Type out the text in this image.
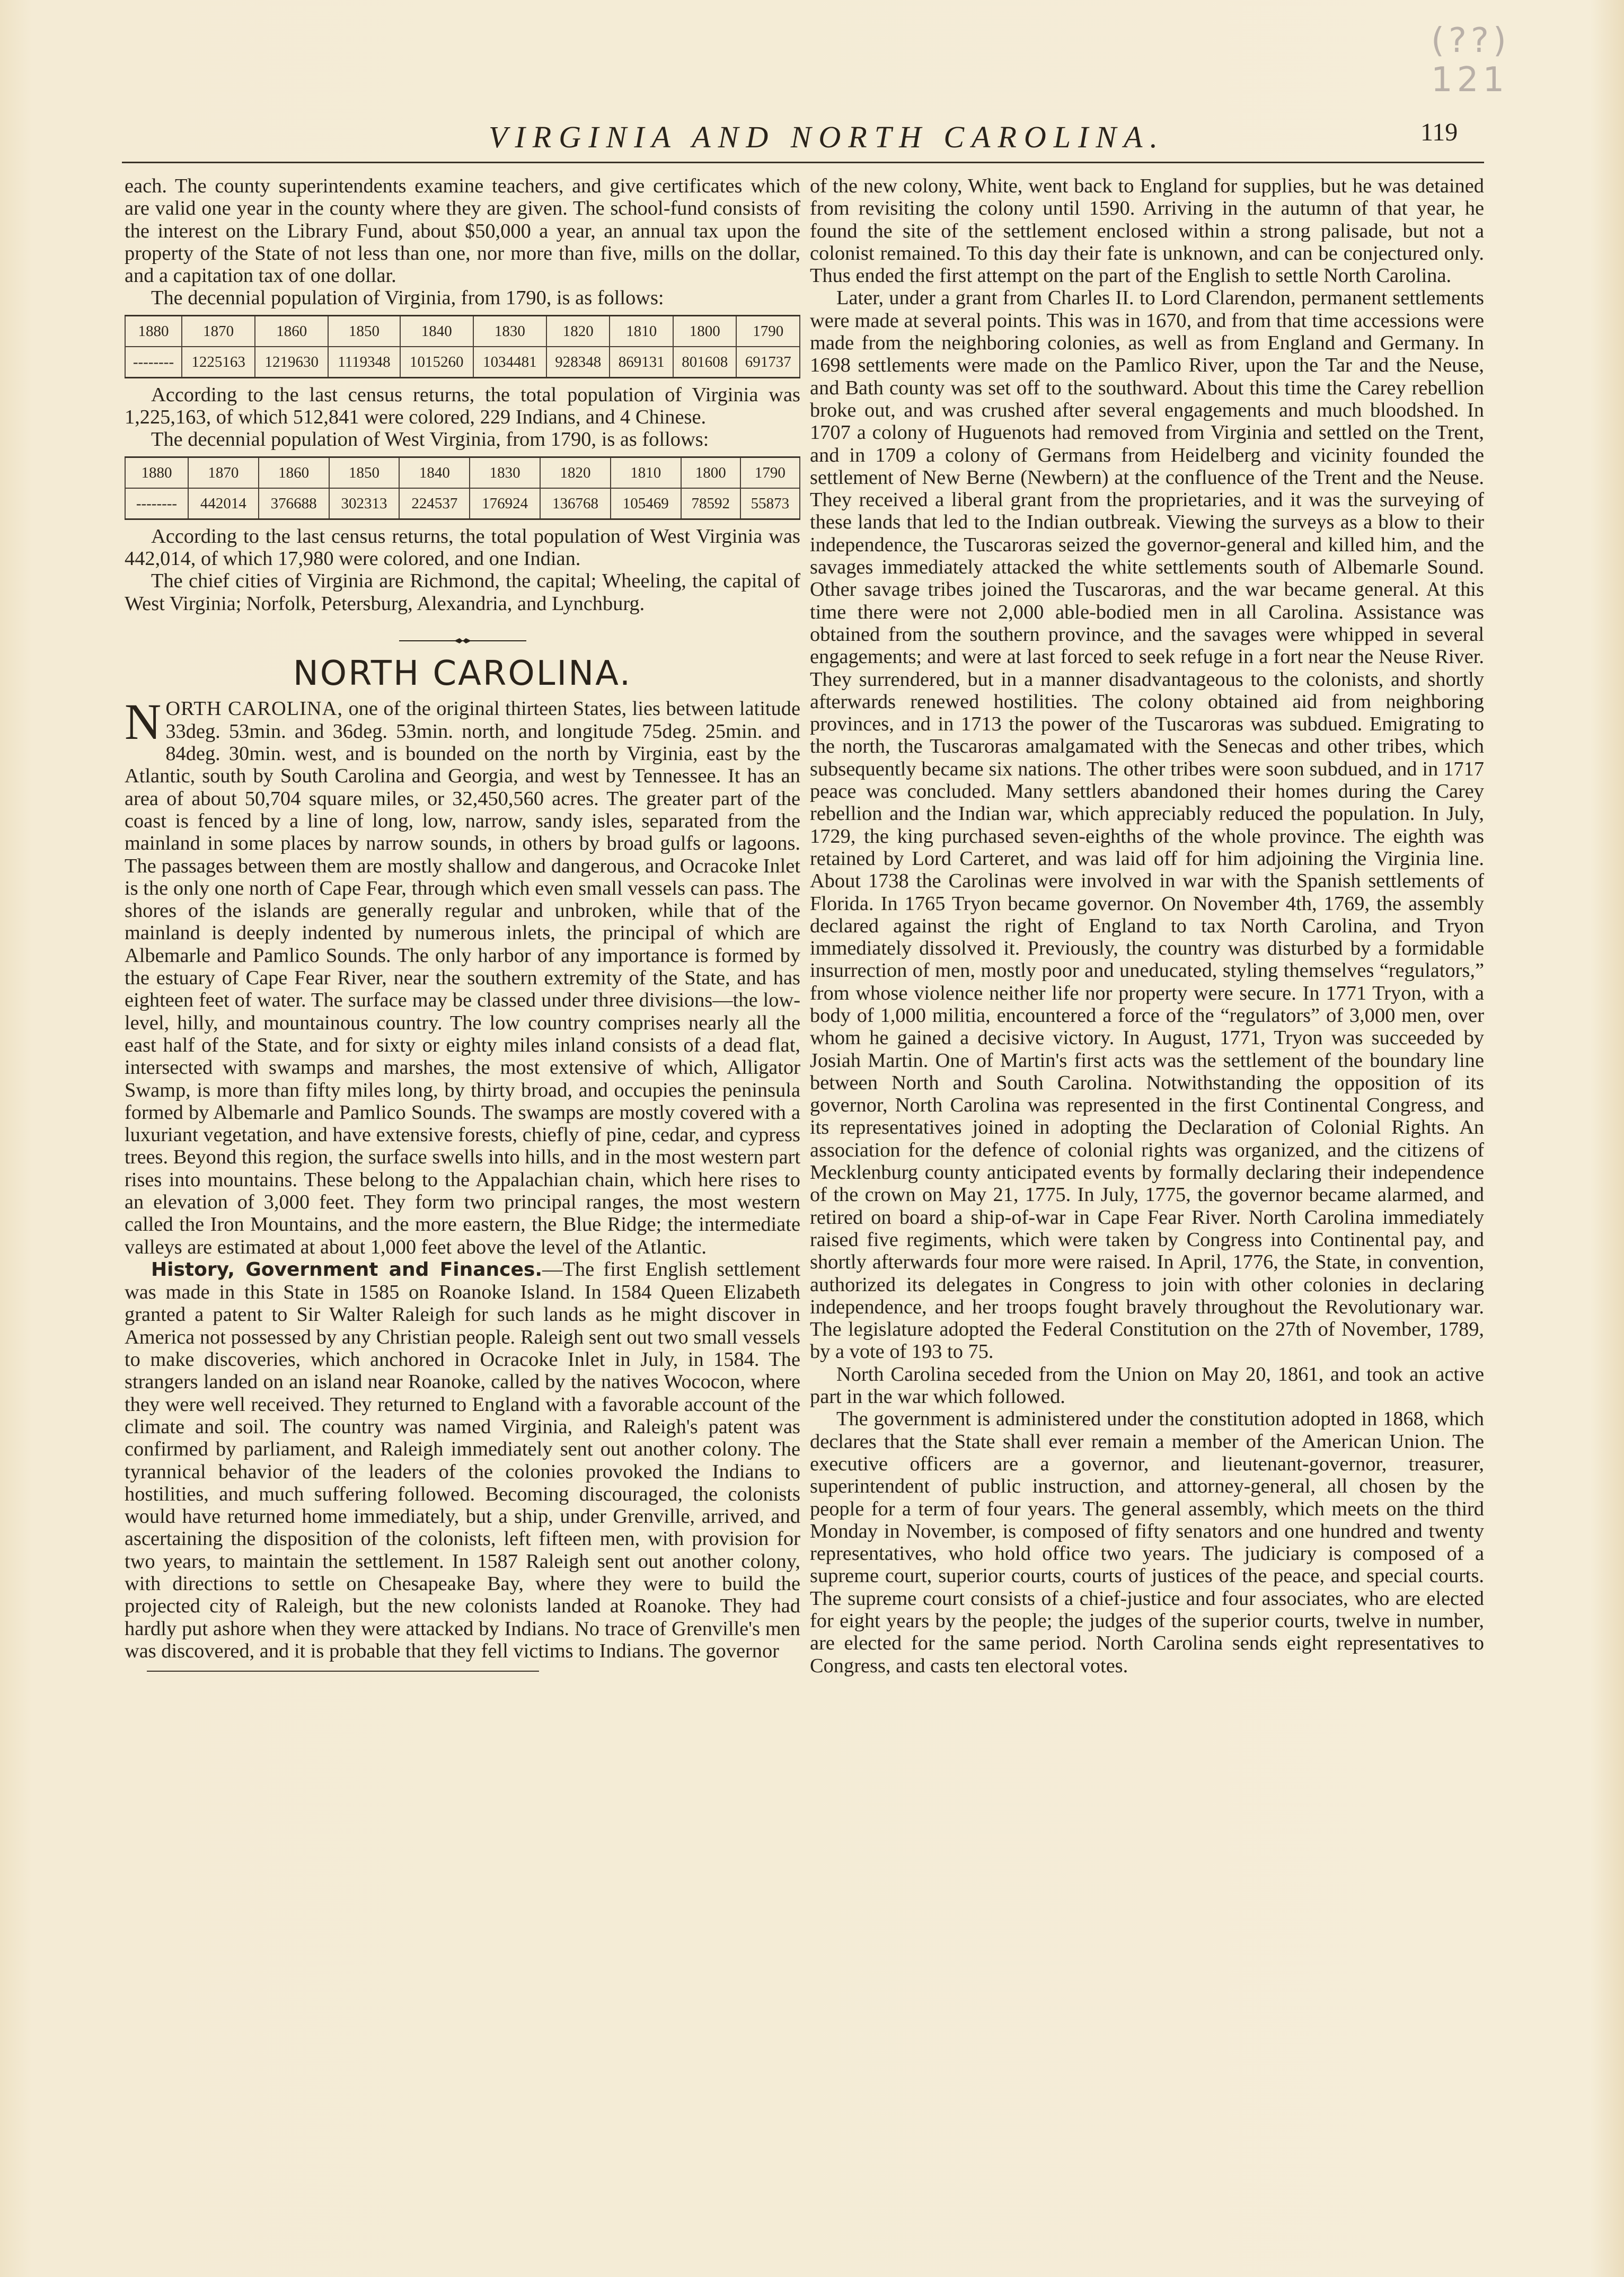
(??) 121
VIRGINIA AND NORTH CAROLINA.	119

each. The county superintendents examine teachers, and give certificates which are valid one year in the county where they are given. The school-fund consists of the interest on the Library Fund, about $50,000 a year, an annual tax upon the property of the State of not less than one, nor more than five, mills on the dollar, and a capitation tax of one dollar.

The decennial population of Virginia, from 1790, is as follows:

1880	1870	1860	1850	1840	1830	1820	1810	1800	1790
--------	1225163	1219630	1119348	1015260	1034481	928348	869131	801608	691737

According to the last census returns, the total population of Virginia was 1,225,163, of which 512,841 were colored, 229 Indians, and 4 Chinese.

The decennial population of West Virginia, from 1790, is as follows:

1880	1870	1860	1850	1840	1830	1820	1810	1800	1790
--------	442014	376688	302313	224537	176924	136768	105469	78592	55873

According to the last census returns, the total population of West Virginia was 442,014, of which 17,980 were colored, and one Indian.

The chief cities of Virginia are Richmond, the capital; Wheeling, the capital of West Virginia; Norfolk, Petersburg, Alexandria, and Lynchburg.

NORTH CAROLINA.

NORTH CAROLINA, one of the original thirteen States, lies between latitude 33deg. 53min. and 36deg. 53min. north, and longitude 75deg. 25min. and 84deg. 30min. west, and is bounded on the north by Virginia, east by the Atlantic, south by South Carolina and Georgia, and west by Tennessee. It has an area of about 50,704 square miles, or 32,450,560 acres. The greater part of the coast is fenced by a line of long, low, narrow, sandy isles, separated from the mainland in some places by narrow sounds, in others by broad gulfs or lagoons. The passages between them are mostly shallow and dangerous, and Ocracoke Inlet is the only one north of Cape Fear, through which even small vessels can pass. The shores of the islands are generally regular and unbroken, while that of the mainland is deeply indented by numerous inlets, the principal of which are Albemarle and Pamlico Sounds. The only harbor of any importance is formed by the estuary of Cape Fear River, near the southern extremity of the State, and has eighteen feet of water. The surface may be classed under three divisions—the low-level, hilly, and mountainous country. The low country comprises nearly all the east half of the State, and for sixty or eighty miles inland consists of a dead flat, intersected with swamps and marshes, the most extensive of which, Alligator Swamp, is more than fifty miles long, by thirty broad, and occupies the peninsula formed by Albemarle and Pamlico Sounds. The swamps are mostly covered with a luxuriant vegetation, and have extensive forests, chiefly of pine, cedar, and cypress trees. Beyond this region, the surface swells into hills, and in the most western part rises into mountains. These belong to the Appalachian chain, which here rises to an elevation of 3,000 feet. They form two principal ranges, the most western called the Iron Mountains, and the more eastern, the Blue Ridge; the intermediate valleys are estimated at about 1,000 feet above the level of the Atlantic.

History, Government and Finances.—The first English settlement was made in this State in 1585 on Roanoke Island. In 1584 Queen Elizabeth granted a patent to Sir Walter Raleigh for such lands as he might discover in America not possessed by any Christian people. Raleigh sent out two small vessels to make discoveries, which anchored in Ocracoke Inlet in July, in 1584. The strangers landed on an island near Roanoke, called by the natives Wococon, where they were well received. They returned to England with a favorable account of the climate and soil. The country was named Virginia, and Raleigh's patent was confirmed by parliament, and Raleigh immediately sent out another colony. The tyrannical behavior of the leaders of the colonies provoked the Indians to hostilities, and much suffering followed. Becoming discouraged, the colonists would have returned home immediately, but a ship, under Grenville, arrived, and ascertaining the disposition of the colonists, left fifteen men, with provision for two years, to maintain the settlement. In 1587 Raleigh sent out another colony, with directions to settle on Chesapeake Bay, where they were to build the projected city of Raleigh, but the new colonists landed at Roanoke. They had hardly put ashore when they were attacked by Indians. No trace of Grenville's men was discovered, and it is probable that they fell victims to Indians. The governor

of the new colony, White, went back to England for supplies, but he was detained from revisiting the colony until 1590. Arriving in the autumn of that year, he found the site of the settlement enclosed within a strong palisade, but not a colonist remained. To this day their fate is unknown, and can be conjectured only. Thus ended the first attempt on the part of the English to settle North Carolina.

Later, under a grant from Charles II. to Lord Clarendon, permanent settlements were made at several points. This was in 1670, and from that time accessions were made from the neighboring colonies, as well as from England and Germany. In 1698 settlements were made on the Pamlico River, upon the Tar and the Neuse, and Bath county was set off to the southward. About this time the Carey rebellion broke out, and was crushed after several engagements and much bloodshed. In 1707 a colony of Huguenots had removed from Virginia and settled on the Trent, and in 1709 a colony of Germans from Heidelberg and vicinity founded the settlement of New Berne (Newbern) at the confluence of the Trent and the Neuse. They received a liberal grant from the proprietaries, and it was the surveying of these lands that led to the Indian outbreak. Viewing the surveys as a blow to their independence, the Tuscaroras seized the governor-general and killed him, and the savages immediately attacked the white settlements south of Albemarle Sound. Other savage tribes joined the Tuscaroras, and the war became general. At this time there were not 2,000 able-bodied men in all Carolina. Assistance was obtained from the southern province, and the savages were whipped in several engagements; and were at last forced to seek refuge in a fort near the Neuse River. They surrendered, but in a manner disadvantageous to the colonists, and shortly afterwards renewed hostilities. The colony obtained aid from neighboring provinces, and in 1713 the power of the Tuscaroras was subdued. Emigrating to the north, the Tuscaroras amalgamated with the Senecas and other tribes, which subsequently became six nations. The other tribes were soon subdued, and in 1717 peace was concluded. Many settlers abandoned their homes during the Carey rebellion and the Indian war, which appreciably reduced the population. In July, 1729, the king purchased seven-eighths of the whole province. The eighth was retained by Lord Carteret, and was laid off for him adjoining the Virginia line. About 1738 the Carolinas were involved in war with the Spanish settlements of Florida. In 1765 Tryon became governor. On November 4th, 1769, the assembly declared against the right of England to tax North Carolina, and Tryon immediately dissolved it. Previously, the country was disturbed by a formidable insurrection of men, mostly poor and uneducated, styling themselves “regulators,” from whose violence neither life nor property were secure. In 1771 Tryon, with a body of 1,000 militia, encountered a force of the “regulators” of 3,000 men, over whom he gained a decisive victory. In August, 1771, Tryon was succeeded by Josiah Martin. One of Martin's first acts was the settlement of the boundary line between North and South Carolina. Notwithstanding the opposition of its governor, North Carolina was represented in the first Continental Congress, and its representatives joined in adopting the Declaration of Colonial Rights. An association for the defence of colonial rights was organized, and the citizens of Mecklenburg county anticipated events by formally declaring their independence of the crown on May 21, 1775. In July, 1775, the governor became alarmed, and retired on board a ship-of-war in Cape Fear River. North Carolina immediately raised five regiments, which were taken by Congress into Continental pay, and shortly afterwards four more were raised. In April, 1776, the State, in convention, authorized its delegates in Congress to join with other colonies in declaring independence, and her troops fought bravely throughout the Revolutionary war. The legislature adopted the Federal Constitution on the 27th of November, 1789, by a vote of 193 to 75.

North Carolina seceded from the Union on May 20, 1861, and took an active part in the war which followed.

The government is administered under the constitution adopted in 1868, which declares that the State shall ever remain a member of the American Union. The executive officers are a governor, and lieutenant-governor, treasurer, superintendent of public instruction, and attorney-general, all chosen by the people for a term of four years. The general assembly, which meets on the third Monday in November, is composed of fifty senators and one hundred and twenty representatives, who hold office two years. The judiciary is composed of a supreme court, superior courts, courts of justices of the peace, and special courts. The supreme court consists of a chief-justice and four associates, who are elected for eight years by the people; the judges of the superior courts, twelve in number, are elected for the same period. North Carolina sends eight representatives to Congress, and casts ten electoral votes.
